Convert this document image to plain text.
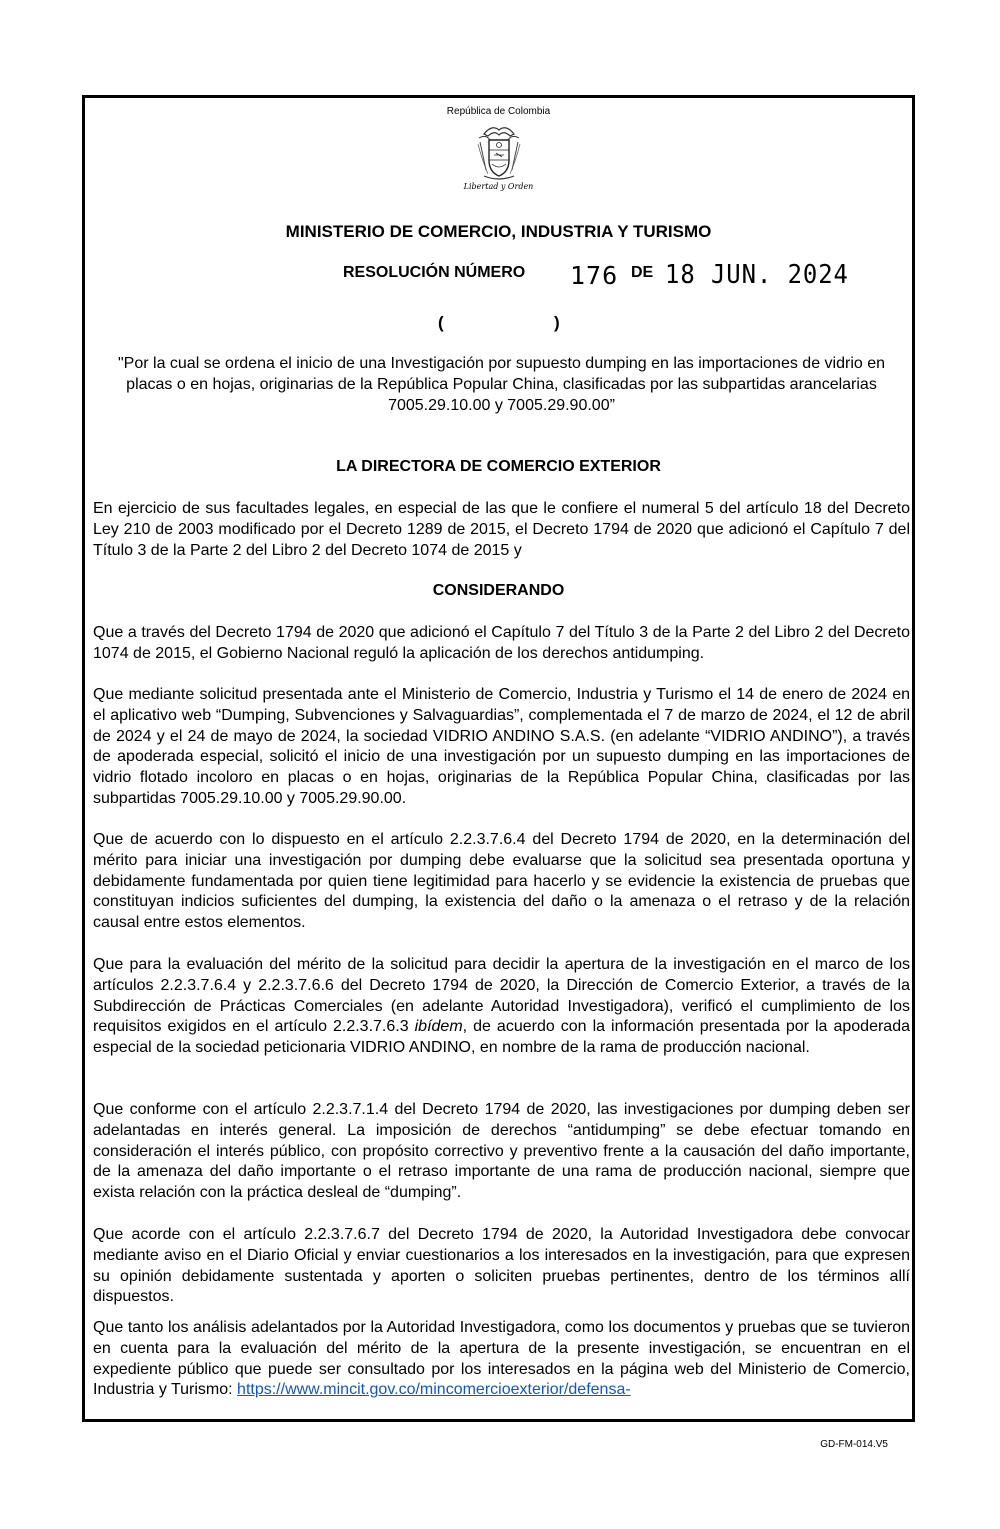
República de Colombia
Libertad y Orden
MINISTERIO DE COMERCIO, INDUSTRIA Y TURISMO
RESOLUCIÓN NÚMERO 176 DE 18 JUN. 2024
(	)
"Por la cual se ordena el inicio de una Investigación por supuesto dumping en las importaciones de vidrio en placas o en hojas, originarias de la República Popular China, clasificadas por las subpartidas arancelarias 7005.29.10.00 y 7005.29.90.00”
LA DIRECTORA DE COMERCIO EXTERIOR
En ejercicio de sus facultades legales, en especial de las que le confiere el numeral 5 del artículo 18 del Decreto Ley 210 de 2003 modificado por el Decreto 1289 de 2015, el Decreto 1794 de 2020 que adicionó el Capítulo 7 del Título 3 de la Parte 2 del Libro 2 del Decreto 1074 de 2015 y
CONSIDERANDO
Que a través del Decreto 1794 de 2020 que adicionó el Capítulo 7 del Título 3 de la Parte 2 del Libro 2 del Decreto 1074 de 2015, el Gobierno Nacional reguló la aplicación de los derechos antidumping.
Que mediante solicitud presentada ante el Ministerio de Comercio, Industria y Turismo el 14 de enero de 2024 en el aplicativo web “Dumping, Subvenciones y Salvaguardias”, complementada el 7 de marzo de 2024, el 12 de abril de 2024 y el 24 de mayo de 2024, la sociedad VIDRIO ANDINO S.A.S. (en adelante “VIDRIO ANDINO”), a través de apoderada especial, solicitó el inicio de una investigación por un supuesto dumping en las importaciones de vidrio flotado incoloro en placas o en hojas, originarias de la República Popular China, clasificadas por las subpartidas 7005.29.10.00 y 7005.29.90.00.
Que de acuerdo con lo dispuesto en el artículo 2.2.3.7.6.4 del Decreto 1794 de 2020, en la determinación del mérito para iniciar una investigación por dumping debe evaluarse que la solicitud sea presentada oportuna y debidamente fundamentada por quien tiene legitimidad para hacerlo y se evidencie la existencia de pruebas que constituyan indicios suficientes del dumping, la existencia del daño o la amenaza o el retraso y de la relación causal entre estos elementos.
Que para la evaluación del mérito de la solicitud para decidir la apertura de la investigación en el marco de los artículos 2.2.3.7.6.4 y 2.2.3.7.6.6 del Decreto 1794 de 2020, la Dirección de Comercio Exterior, a través de la Subdirección de Prácticas Comerciales (en adelante Autoridad Investigadora), verificó el cumplimiento de los requisitos exigidos en el artículo 2.2.3.7.6.3 ibídem, de acuerdo con la información presentada por la apoderada especial de la sociedad peticionaria VIDRIO ANDINO, en nombre de la rama de producción nacional.
Que conforme con el artículo 2.2.3.7.1.4 del Decreto 1794 de 2020, las investigaciones por dumping deben ser adelantadas en interés general. La imposición de derechos “antidumping” se debe efectuar tomando en consideración el interés público, con propósito correctivo y preventivo frente a la causación del daño importante, de la amenaza del daño importante o el retraso importante de una rama de producción nacional, siempre que exista relación con la práctica desleal de “dumping”.
Que acorde con el artículo 2.2.3.7.6.7 del Decreto 1794 de 2020, la Autoridad Investigadora debe convocar mediante aviso en el Diario Oficial y enviar cuestionarios a los interesados en la investigación, para que expresen su opinión debidamente sustentada y aporten o soliciten pruebas pertinentes, dentro de los términos allí dispuestos.
Que tanto los análisis adelantados por la Autoridad Investigadora, como los documentos y pruebas que se tuvieron en cuenta para la evaluación del mérito de la apertura de la presente investigación, se encuentran en el expediente público que puede ser consultado por los interesados en la página web del Ministerio de Comercio, Industria y Turismo: https://www.mincit.gov.co/mincomercioexterior/defensa-
GD-FM-014.V5
